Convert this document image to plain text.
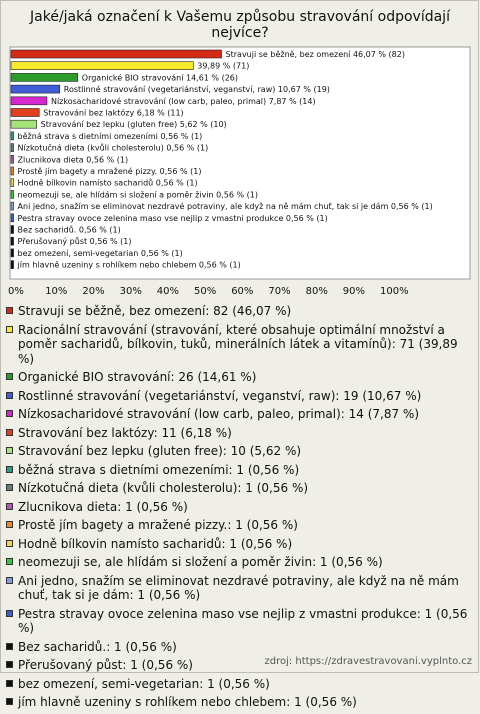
Jaké/jaká označení k Vašemu způsobu stravování odpovídají nejvíce?
Stravuji se běžně, bez omezení 46,07 % (82)
39,89 % (71)
Organické BIO stravování 14,61 % (26)
Rostlinné stravování (vegetariánství, veganství, raw) 10,67 % (19)
Nízkosacharidové stravování (low carb, paleo, primal) 7,87 % (14)
Stravování bez laktózy 6,18 % (11)
Stravování bez lepku (gluten free) 5,62 % (10)
běžná strava s dietními omezeními 0,56 % (1)
Nízkotučná dieta (kvůli cholesterolu) 0,56 % (1)
Zlucnikova dieta 0,56 % (1)
Prostě jím bagety a mražené pizzy. 0,56 % (1)
Hodně bílkovin namísto sacharidů 0,56 % (1)
neomezuji se, ale hlídám si složení a poměr živin 0,56 % (1)
Ani jedno, snažím se eliminovat nezdravé potraviny, ale když na ně mám chuť, tak si je dám 0,56 % (1)
Pestra stravay ovoce zelenina maso vse nejlip z vmastni produkce 0,56 % (1)
Bez sacharidů. 0,56 % (1)
Přerušovaný půst 0,56 % (1)
bez omezení, semi-vegetarian 0,56 % (1)
jím hlavně uzeniny s rohlíkem nebo chlebem 0,56 % (1)
0% 10% 20% 30% 40% 50% 60% 70% 80% 90% 100%
Stravuji se běžně, bez omezení: 82 (46,07 %)
Racionální stravování (stravování, které obsahuje optimální množství a poměr sacharidů, bílkovin, tuků, minerálních látek a vitamínů): 71 (39,89 %)
Organické BIO stravování: 26 (14,61 %)
Rostlinné stravování (vegetariánství, veganství, raw): 19 (10,67 %)
Nízkosacharidové stravování (low carb, paleo, primal): 14 (7,87 %)
Stravování bez laktózy: 11 (6,18 %)
Stravování bez lepku (gluten free): 10 (5,62 %)
běžná strava s dietními omezeními: 1 (0,56 %)
Nízkotučná dieta (kvůli cholesterolu): 1 (0,56 %)
Zlucnikova dieta: 1 (0,56 %)
Prostě jím bagety a mražené pizzy.: 1 (0,56 %)
Hodně bílkovin namísto sacharidů: 1 (0,56 %)
neomezuji se, ale hlídám si složení a poměr živin: 1 (0,56 %)
Ani jedno, snažím se eliminovat nezdravé potraviny, ale když na ně mám chuť, tak si je dám: 1 (0,56 %)
Pestra stravay ovoce zelenina maso vse nejlip z vmastni produkce: 1 (0,56 %)
Bez sacharidů.: 1 (0,56 %)
Přerušovaný půst: 1 (0,56 %)
bez omezení, semi-vegetarian: 1 (0,56 %)
jím hlavně uzeniny s rohlíkem nebo chlebem: 1 (0,56 %)
zdroj: https://zdravestravovani.vyplnto.cz
